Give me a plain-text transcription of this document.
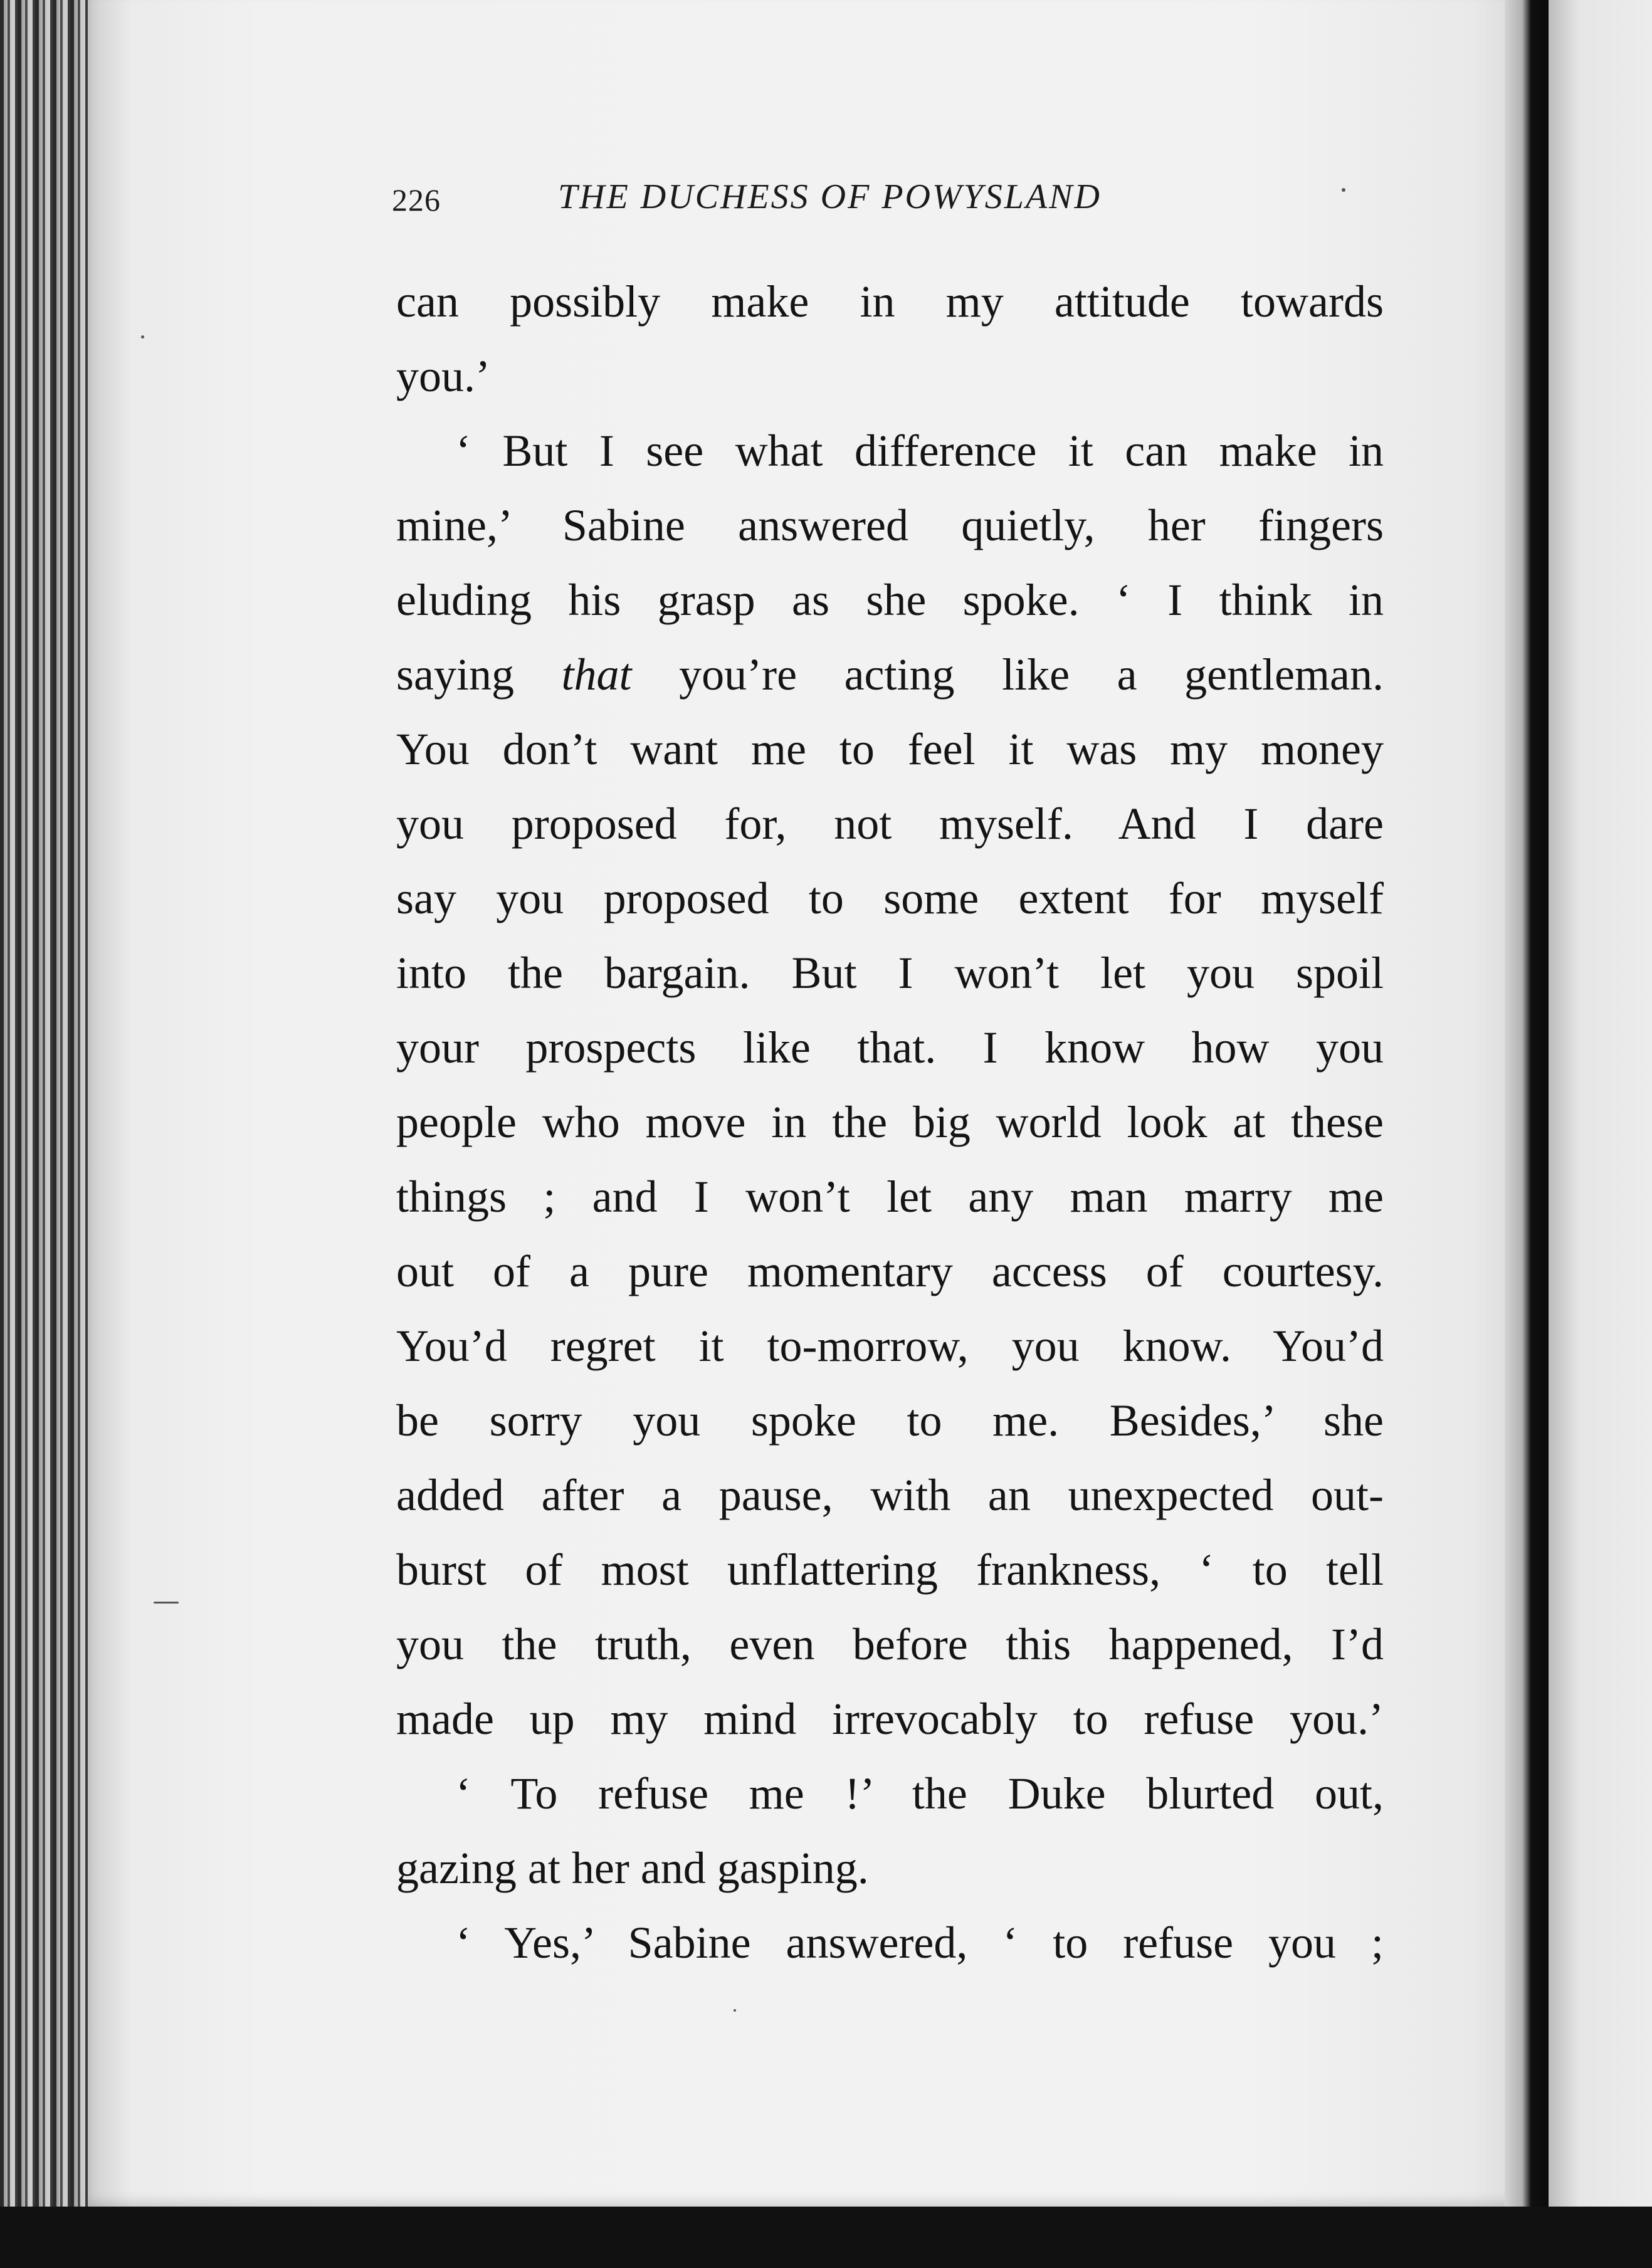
226	THE DUCHESS OF POWYSLAND
can possibly make in my attitude towards
you.’
‘ But I see what difference it can make in
mine,’ Sabine answered quietly, her fingers
eluding his grasp as she spoke. ‘ I think in
saying that you’re acting like a gentleman.
You don’t want me to feel it was my money
you proposed for, not myself. And I dare
say you proposed to some extent for myself
into the bargain. But I won’t let you spoil
your prospects like that. I know how you
people who move in the big world look at these
things ; and I won’t let any man marry me
out of a pure momentary access of courtesy.
You’d regret it to-morrow, you know. You’d
be sorry you spoke to me. Besides,’ she
added after a pause, with an unexpected out-
burst of most unflattering frankness, ‘ to tell
you the truth, even before this happened, I’d
made up my mind irrevocably to refuse you.’
‘ To refuse me !’ the Duke blurted out,
gazing at her and gasping.
‘ Yes,’ Sabine answered, ‘ to refuse you ;
